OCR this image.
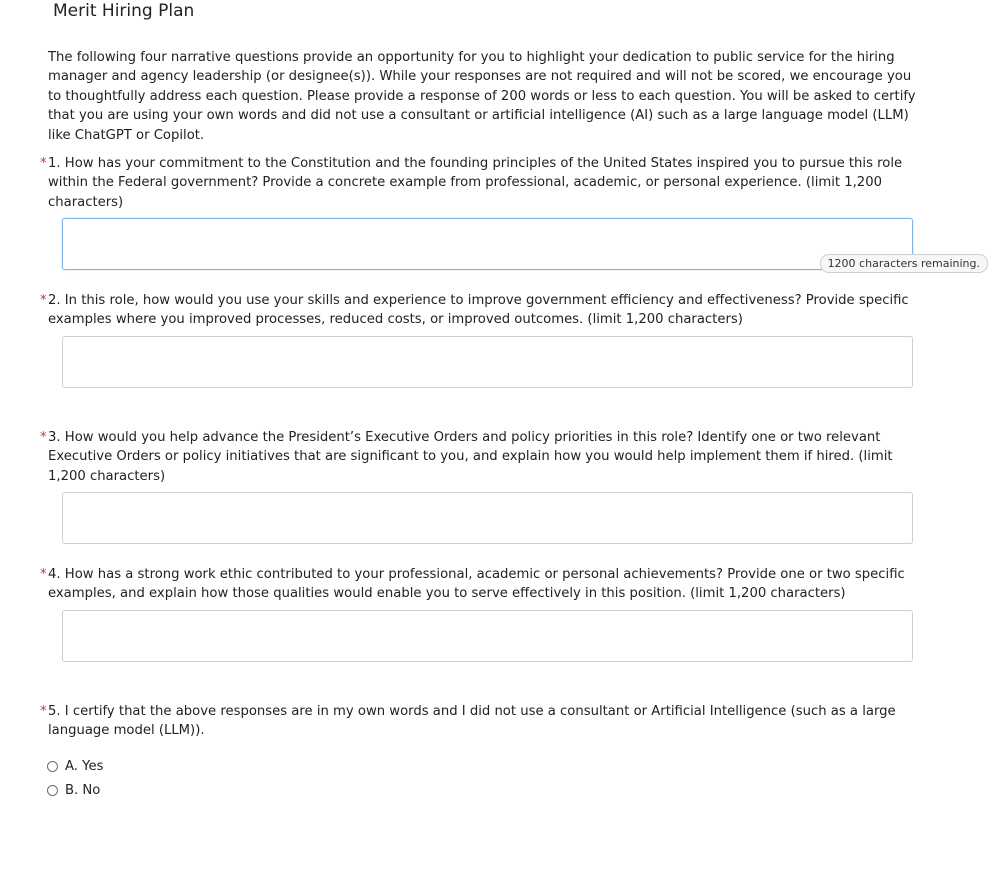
Merit Hiring Plan
The following four narrative questions provide an opportunity for you to highlight your dedication to public service for the hiring manager and agency leadership (or designee(s)). While your responses are not required and will not be scored, we encourage you to thoughtfully address each question. Please provide a response of 200 words or less to each question. You will be asked to certify that you are using your own words and did not use a consultant or artificial intelligence (AI) such as a large language model (LLM) like ChatGPT or Copilot.
* 1. How has your commitment to the Constitution and the founding principles of the United States inspired you to pursue this role within the Federal government? Provide a concrete example from professional, academic, or personal experience. (limit 1,200 characters)
1200 characters remaining.
* 2. In this role, how would you use your skills and experience to improve government efficiency and effectiveness? Provide specific examples where you improved processes, reduced costs, or improved outcomes. (limit 1,200 characters)
* 3. How would you help advance the President’s Executive Orders and policy priorities in this role? Identify one or two relevant Executive Orders or policy initiatives that are significant to you, and explain how you would help implement them if hired. (limit 1,200 characters)
* 4. How has a strong work ethic contributed to your professional, academic or personal achievements? Provide one or two specific examples, and explain how those qualities would enable you to serve effectively in this position. (limit 1,200 characters)
* 5. I certify that the above responses are in my own words and I did not use a consultant or Artificial Intelligence (such as a large language model (LLM)).
A. Yes
B. No
